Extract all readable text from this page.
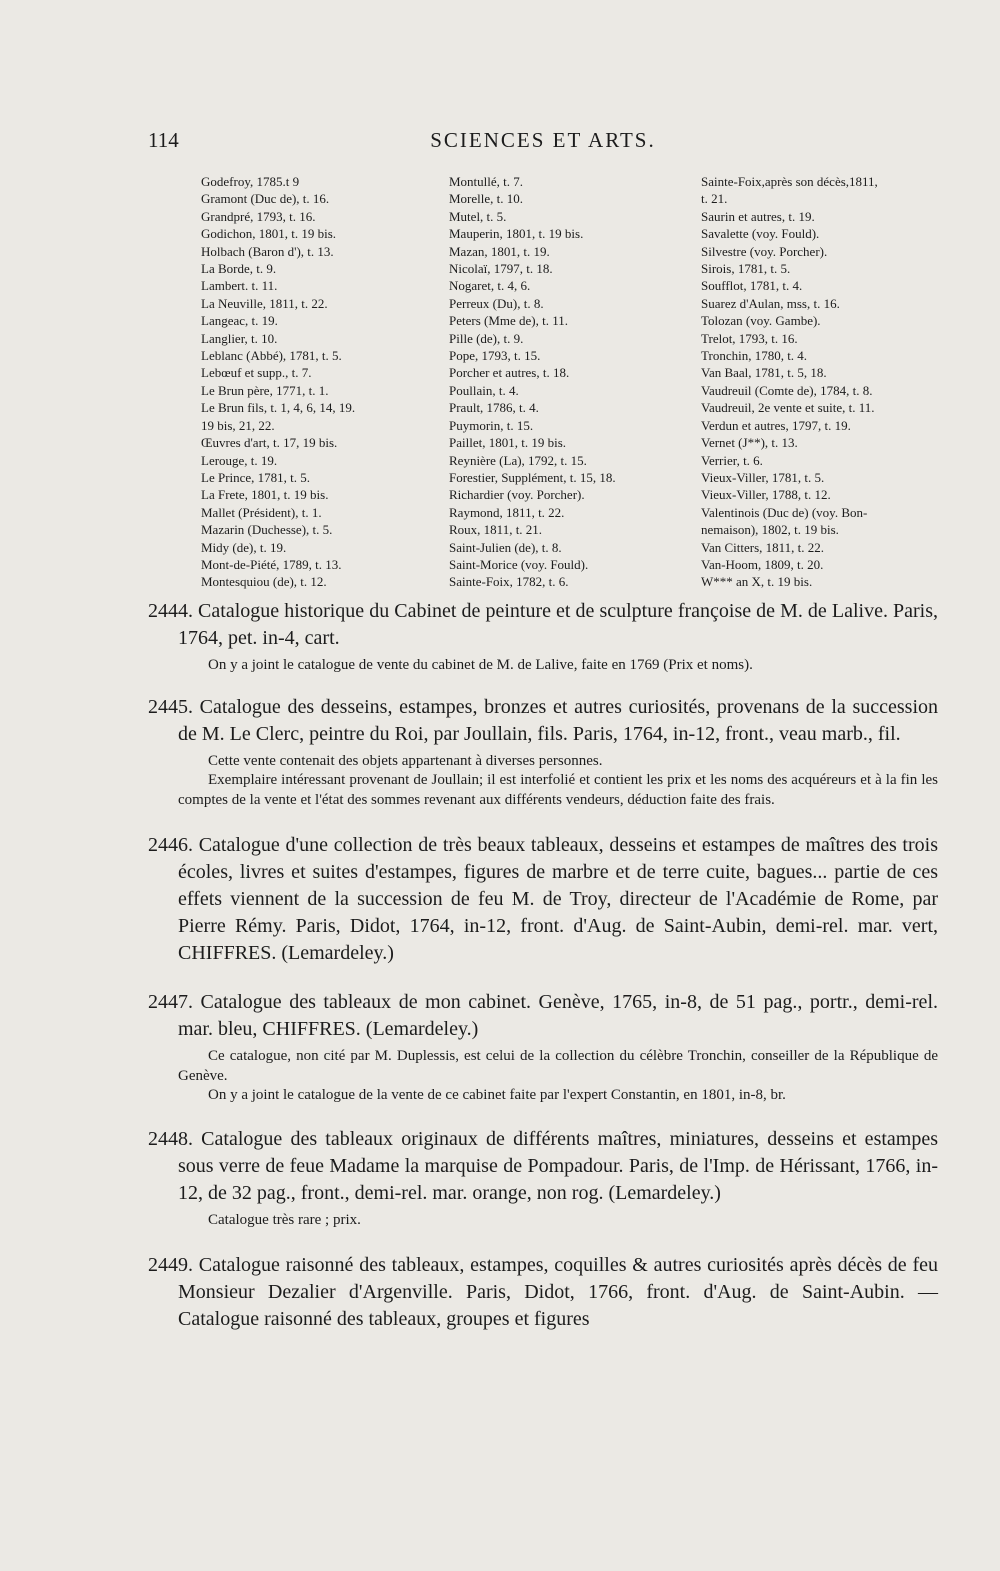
114	SCIENCES ET ARTS.
Godefroy, 1785.t 9
Gramont (Duc de), t. 16.
Grandpré, 1793, t. 16.
Godichon, 1801, t. 19 bis.
Holbach (Baron d'), t. 13.
La Borde, t. 9.
Lambert. t. 11.
La Neuville, 1811, t. 22.
Langeac, t. 19.
Langlier, t. 10.
Leblanc (Abbé), 1781, t. 5.
Lebœuf et supp., t. 7.
Le Brun père, 1771, t. 1.
Le Brun fils, t. 1, 4, 6, 14, 19.
19 bis, 21, 22.
Œuvres d'art, t. 17, 19 bis.
Lerouge, t. 19.
Le Prince, 1781, t. 5.
La Frete, 1801, t. 19 bis.
Mallet (Président), t. 1.
Mazarin (Duchesse), t. 5.
Midy (de), t. 19.
Mont-de-Piété, 1789, t. 13.
Montesquiou (de), t. 12.
Montullé, t. 7.
Morelle, t. 10.
Mutel, t. 5.
Mauperin, 1801, t. 19 bis.
Mazan, 1801, t. 19.
Nicolaï, 1797, t. 18.
Nogaret, t. 4, 6.
Perreux (Du), t. 8.
Peters (Mme de), t. 11.
Pille (de), t. 9.
Pope, 1793, t. 15.
Porcher et autres, t. 18.
Poullain, t. 4.
Prault, 1786, t. 4.
Puymorin, t. 15.
Paillet, 1801, t. 19 bis.
Reynière (La), 1792, t. 15.
Forestier, Supplément, t. 15, 18.
Richardier (voy. Porcher).
Raymond, 1811, t. 22.
Roux, 1811, t. 21.
Saint-Julien (de), t. 8.
Saint-Morice (voy. Fould).
Sainte-Foix, 1782, t. 6.
Sainte-Foix,après son décès,1811,
t. 21.
Saurin et autres, t. 19.
Savalette (voy. Fould).
Silvestre (voy. Porcher).
Sirois, 1781, t. 5.
Soufflot, 1781, t. 4.
Suarez d'Aulan, mss, t. 16.
Tolozan (voy. Gambe).
Trelot, 1793, t. 16.
Tronchin, 1780, t. 4.
Van Baal, 1781, t. 5, 18.
Vaudreuil (Comte de), 1784, t. 8.
Vaudreuil, 2e vente et suite, t. 11.
Verdun et autres, 1797, t. 19.
Vernet (J**), t. 13.
Verrier, t. 6.
Vieux-Viller, 1781, t. 5.
Vieux-Viller, 1788, t. 12.
Valentinois (Duc de) (voy. Bon-
nemaison), 1802, t. 19 bis.
Van Citters, 1811, t. 22.
Van-Hoom, 1809, t. 20.
W*** an X, t. 19 bis.
2444. Catalogue historique du Cabinet de peinture et de sculpture françoise de M. de Lalive. Paris, 1764, pet. in-4, cart.
On y a joint le catalogue de vente du cabinet de M. de Lalive, faite en 1769 (Prix et noms).
2445. Catalogue des desseins, estampes, bronzes et autres curiosités, provenans de la succession de M. Le Clerc, peintre du Roi, par Joullain, fils. Paris, 1764, in-12, front., veau marb., fil.
Cette vente contenait des objets appartenant à diverses personnes.
Exemplaire intéressant provenant de Joullain; il est interfolié et contient les prix et les noms des acquéreurs et à la fin les comptes de la vente et l'état des sommes revenant aux différents vendeurs, déduction faite des frais.
2446. Catalogue d'une collection de très beaux tableaux, desseins et estampes de maîtres des trois écoles, livres et suites d'estampes, figures de marbre et de terre cuite, bagues... partie de ces effets viennent de la succession de feu M. de Troy, directeur de l'Académie de Rome, par Pierre Rémy. Paris, Didot, 1764, in-12, front. d'Aug. de Saint-Aubin, demi-rel. mar. vert, CHIFFRES. (Lemardeley.)
2447. Catalogue des tableaux de mon cabinet. Genève, 1765, in-8, de 51 pag., portr., demi-rel. mar. bleu, CHIFFRES. (Lemardeley.)
Ce catalogue, non cité par M. Duplessis, est celui de la collection du célèbre Tronchin, conseiller de la République de Genève.
On y a joint le catalogue de la vente de ce cabinet faite par l'expert Constantin, en 1801, in-8, br.
2448. Catalogue des tableaux originaux de différents maîtres, miniatures, desseins et estampes sous verre de feue Madame la marquise de Pompadour. Paris, de l'Imp. de Hérissant, 1766, in-12, de 32 pag., front., demi-rel. mar. orange, non rog. (Lemardeley.)
Catalogue très rare ; prix.
2449. Catalogue raisonné des tableaux, estampes, coquilles & autres curiosités après décès de feu Monsieur Dezalier d'Argenville. Paris, Didot, 1766, front. d'Aug. de Saint-Aubin. — Catalogue raisonné des tableaux, groupes et figures
